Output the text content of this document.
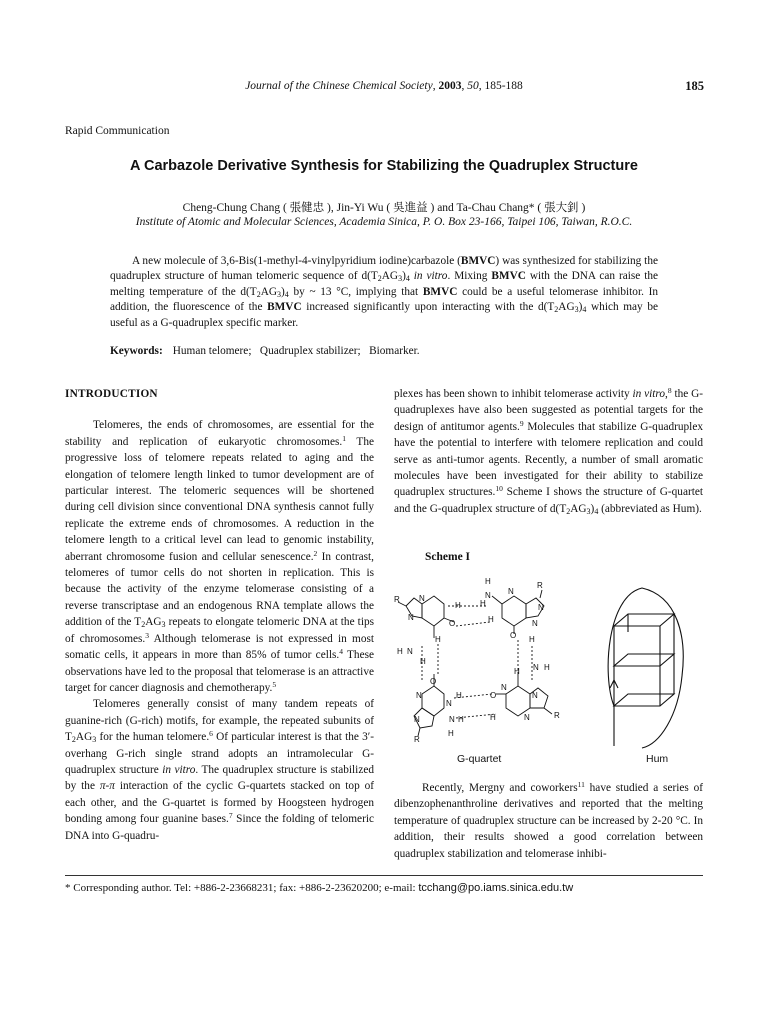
Journal of the Chinese Chemical Society, 2003, 50, 185-188	185
Rapid Communication
A Carbazole Derivative Synthesis for Stabilizing the Quadruplex Structure
Cheng-Chung Chang ( 張健忠 ), Jin-Yi Wu ( 吳進益 ) and Ta-Chau Chang* ( 張大釗 )
Institute of Atomic and Molecular Sciences, Academia Sinica, P. O. Box 23-166, Taipei 106, Taiwan, R.O.C.

A new molecule of 3,6-Bis(1-methyl-4-vinylpyridium iodine)carbazole (BMVC) was synthesized for stabilizing the quadruplex structure of human telomeric sequence of $d(T_2AG_3)_4$ in vitro. Mixing BMVC with the DNA can raise the melting temperature of the $d(T_2AG_3)_4$ by ~ 13 °C, implying that BMVC could be a useful telomerase inhibitor. In addition, the fluorescence of the BMVC increased significantly upon interacting with the $d(T_2AG_3)_4$ which may be useful as a G-quadruplex specific marker.

Keywords: Human telomere;   Quadruplex stabilizer;   Biomarker.
INTRODUCTION

Telomeres, the ends of chromosomes, are essential for the stability and replication of eukaryotic chromosomes.$^1$ The progressive loss of telomere repeats related to aging and the elongation of telomere length linked to tumor development are of particular interest. The telomeric sequences will be shortened during cell division since conventional DNA synthesis cannot fully replicate the extreme ends of chromosomes. A reduction in the telomere length to a critical level can lead to genomic instability, aberrant chromosome fusion and cellular senescence.$^2$ In contrast, telomeres of tumor cells do not shorten in replication. This is because the activity of the enzyme telomerase consisting of a reverse transcriptase and an endogenous RNA template allows the addition of the $T_2AG_3$ repeats to elongate telomeric DNA at the tips of chromosomes.$^3$ Although telomerase is not expressed in most somatic cells, it appears in more than 85% of tumor cells.$^4$ These observations have led to the proposal that telomerase is an attractive target for cancer diagnosis and chemotherapy.$^5$

Telomeres generally consist of many tandem repeats of guanine-rich (G-rich) motifs, for example, the repeated subunits of $T_2AG_3$ for the human telomere.$^6$ Of particular interest is that the 3′-overhang G-rich single strand adopts an intramolecular G-quadruplex structure in vitro. The quadruplex structure is stabilized by the π-π interaction of the cyclic G-quartets stacked on top of each other, and the G-quartet is formed by Hoogsteen hydrogen bonding among four guanine bases.$^7$ Since the folding of telomeric DNA into G-quadru-

plexes has been shown to inhibit telomerase activity in vitro,$^8$ the G-quadruplexes have also been suggested as potential targets for the design of antitumor agents.$^9$ Molecules that stabilize G-quadruplex have the potential to interfere with telomere replication and could serve as anti-tumor agents. Recently, a number of small aromatic molecules have been investigated for their ability to stabilize quadruplex structures.$^{10}$ Scheme I shows the structure of G-quartet and the G-quadruplex structure of $d(T_2AG_3)_4$ (abbreviated as Hum).

Scheme I
R N
N
H
H
N
H
N
R
N
N
O	H
O
H N
H
H
H
H
N H
O
N
N
H	O
N
N
R
N H
H
H
N
N	R
G-quartet	Hum

Recently, Mergny and coworkers$^{11}$ have studied a series of dibenzophenanthroline derivatives and reported that the melting temperature of quadruplex structure can be increased by 2-20 °C. In addition, their results showed a good correlation between quadruplex stabilization and telomerase inhibi-

* Corresponding author. Tel: +886-2-23668231; fax: +886-2-23620200; e-mail: tcchang@po.iams.sinica.edu.tw
